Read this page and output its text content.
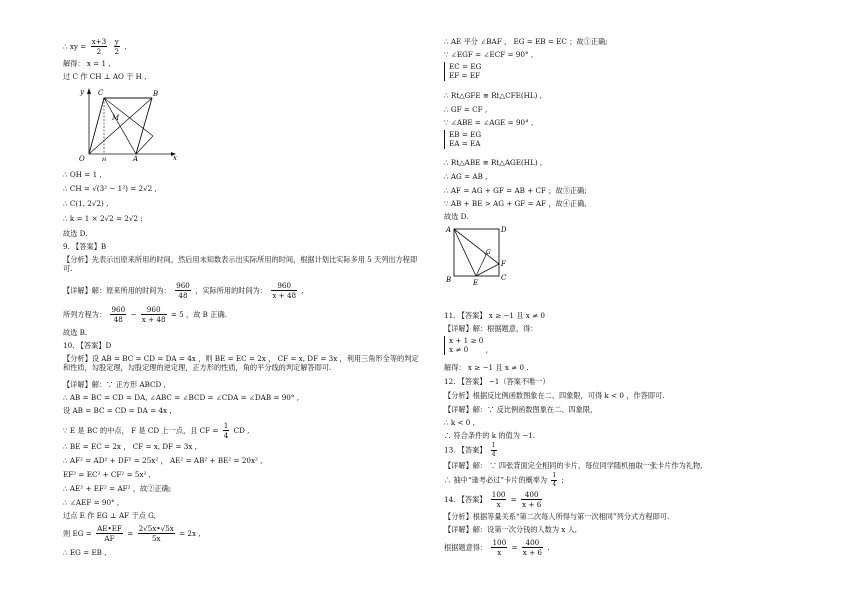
∴ xy = $\frac{x+3}{2}$
$\frac{y}{2}$ ,
解得： x = 1 ,
过 C 作 CH ⊥ AO 于 H ,
y C	B
M
O	H	A	x
∴ OH = 1 ,
∴ CH = √(3² − 1²) = 2√2 ,
∴ C(1, 2√2) ,
∴ k = 1 × 2√2 = 2√2 ;
故选 D.
9. 【答案】B
【分析】先表示出原来所用的时间，然后用未知数表示出实际所用的时间，根据计划比实际多用 5 天列出方程即可.
【详解】解：原来所用的时间为： $\frac{960}{48}$ ，实际所用的时间为： $\frac{960}{x + 48}$ ,
所列方程为： $\frac{960}{48} - \frac{960}{x + 48} = 5$ ，故 B 正确.
故选 B.
10. 【答案】D
【分析】设 AB = BC = CD = DA = 4x ，则 BE = EC = 2x ， CF = x, DF = 3x ，利用三角形全等的判定和性质，勾股定理，勾股定理的逆定理，正方形的性质，角的平分线的判定解答即可.
【详解】解：∵ 正方形 ABCD ,
∴ AB = BC = CD = DA, ∠ABC = ∠BCD = ∠CDA = ∠DAB = 90° ,
设 AB = BC = CD = DA = 4x ,
∵ E 是 BC 的中点， F 是 CD 上一点，且 CF = $\frac{1}{4}$ CD ,
∴ BE = EC = 2x ， CF = x, DF = 3x ,
∴ AF² = AD² + DF² = 25x² ， AE² = AB² + BE² = 20x² ,
EF² = EC² + CF² = 5x² ,
∴ AE² + EF² = AF² ，故②正确;
∴ ∠AEF = 90° ,
过点 E 作 EG ⊥ AF 于点 G,
则 EG = $\frac{AE•EF}{AF} = \frac{2√5x•√5x}{5x} = 2x$ ,
∴ EG = EB ,
∴ AE 平分 ∠BAF ， EG = EB = EC ；故①正确;
∵ ∠EGF = ∠ECF = 90° ,
EC = EG
EF = EF
∴ Rt△GFE ≌ Rt△CFE(HL) ,
∴ GF = CF ,
∵ ∠ABE = ∠AGE = 90° ,
EB = EG
EA = EA
∴ Rt△ABE ≌ Rt△AGE(HL) ,
∴ AG = AB ,
∴ AF = AG + GF = AB + CF ；故③正确;
∵ AB + BE > AG + GF = AF ，故④正确,
故选 D.
A	D
G
F
C
B	E
11. 【答案】 x ≥ −1 且 x ≠ 0
【详解】解：根据题意，得：
x + 1 ≥ 0
x ≠ 0	,
解得： x ≥ −1 且 x ≠ 0 .
12. 【答案】 −1（答案不唯一）
【分析】根据反比例函数图象在二、四象限，可得 k < 0 ，作答即可.
【详解】解：∵ 反比例函数图象在二、四象限，
∴ k < 0 ,
∴ 符合条件的 k 的值为 −1.
13. 【答案】 $\frac{1}{4}$
【详解】解： ∵ 四张背面完全相同的卡片，每位同学随机抽取一张卡片作为礼物,
∴ 抽中“逢考必过”卡片的概率为 $\frac{1}{4}$ ;
14. 【答案】 $\frac{100}{x} = \frac{400}{x + 6}$
【分析】根据等量关系“第二次每人所得与第一次相同”列分式方程即可.
【详解】解：设第一次分钱的人数为 x 人,
根据题意得： $\frac{100}{x} = \frac{400}{x + 6}$ .
